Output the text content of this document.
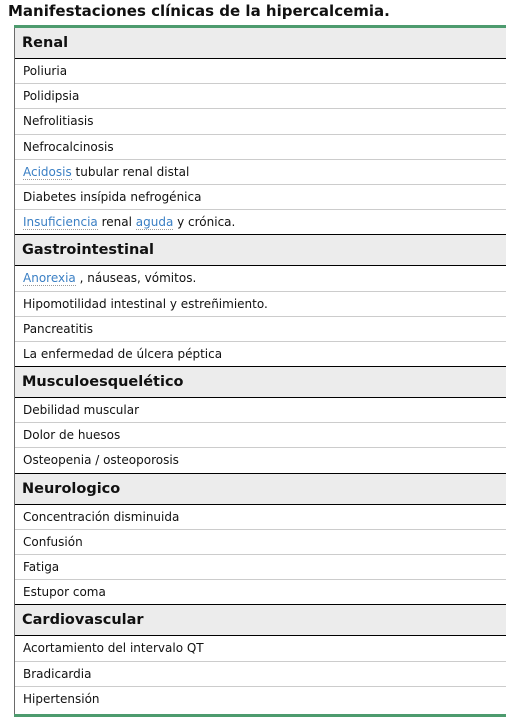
Manifestaciones clínicas de la hipercalcemia.
Renal
Poliuria
Polidipsia
Nefrolitiasis
Nefrocalcinosis
Acidosis tubular renal distal
Diabetes insípida nefrogénica
Insuficiencia renal aguda y crónica.
Gastrointestinal
Anorexia , náuseas, vómitos.
Hipomotilidad intestinal y estreñimiento.
Pancreatitis
La enfermedad de úlcera péptica
Musculoesquelético
Debilidad muscular
Dolor de huesos
Osteopenia / osteoporosis
Neurologico
Concentración disminuida
Confusión
Fatiga
Estupor coma
Cardiovascular
Acortamiento del intervalo QT
Bradicardia
Hipertensión
